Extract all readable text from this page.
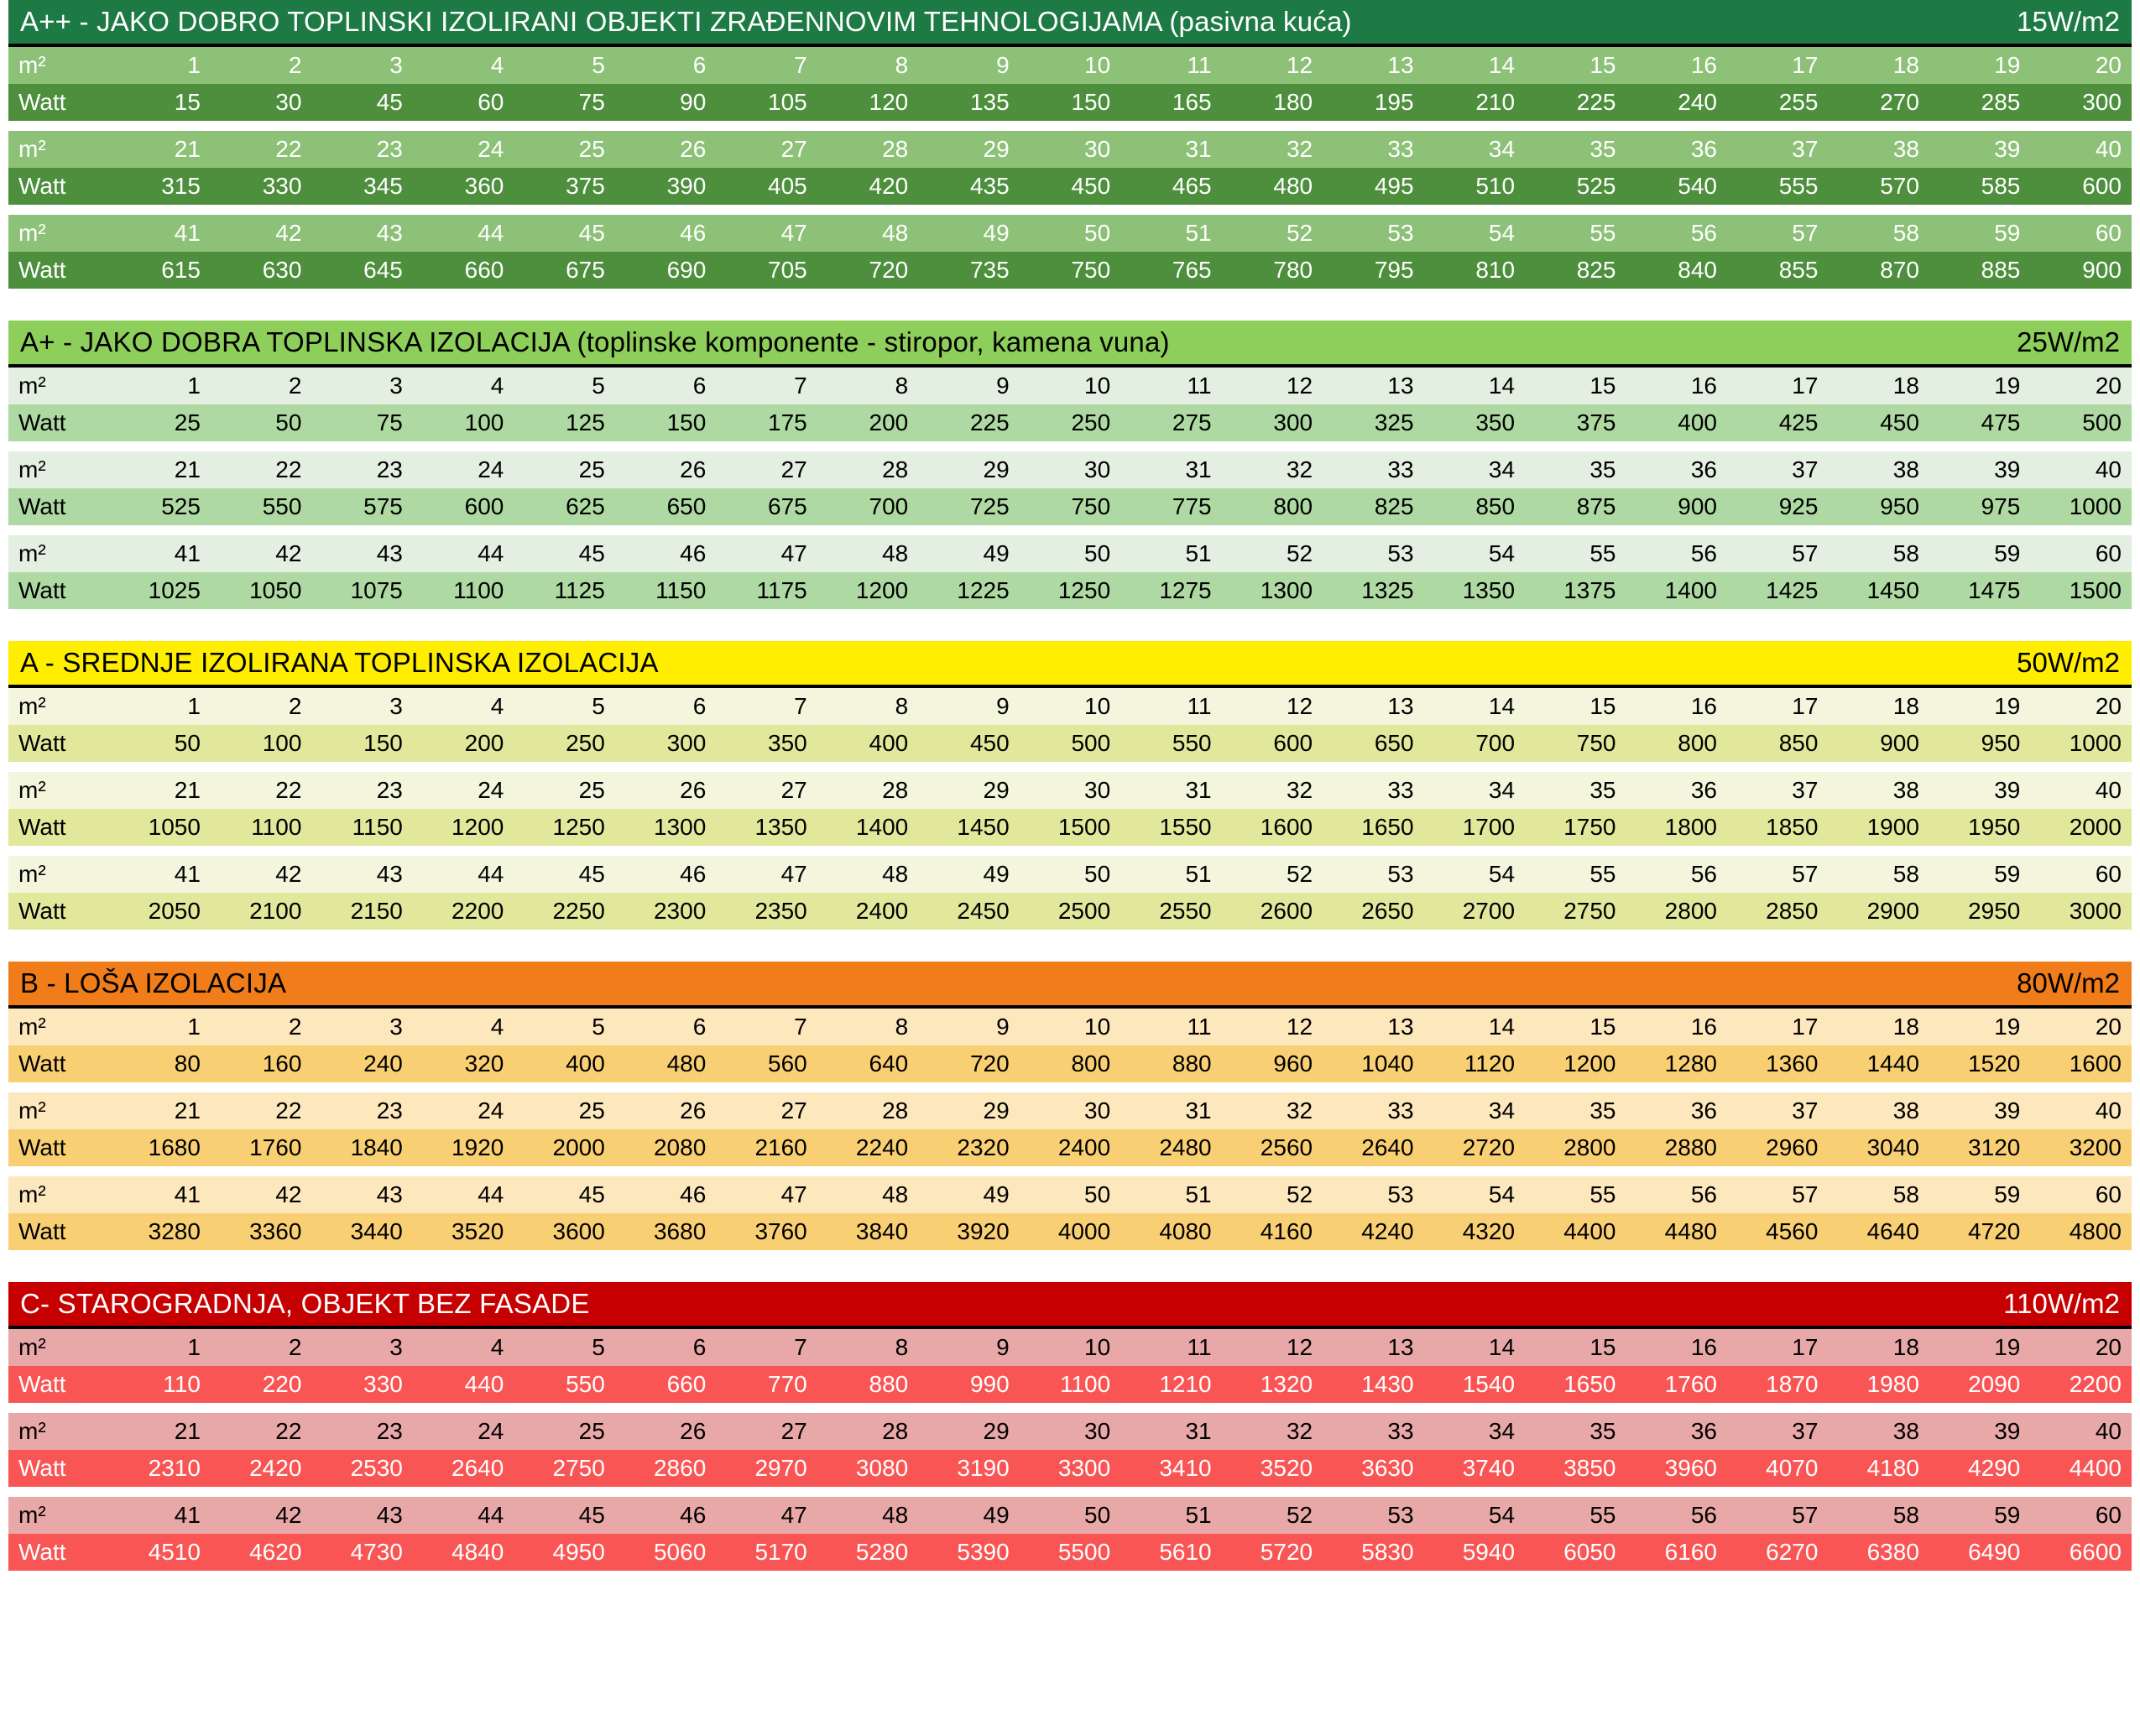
A++ - JAKO DOBRO TOPLINSKI IZOLIRANI OBJEKTI ZRAĐENNOVIM TEHNOLOGIJAMA (pasivna kuća)	15W/m2
m²	1	2	3	4	5	6	7	8	9	10	11	12	13	14	15	16	17	18	19	20
Watt	15	30	45	60	75	90	105	120	135	150	165	180	195	210	225	240	255	270	285	300

m²	21	22	23	24	25	26	27	28	29	30	31	32	33	34	35	36	37	38	39	40
Watt	315	330	345	360	375	390	405	420	435	450	465	480	495	510	525	540	555	570	585	600

m²	41	42	43	44	45	46	47	48	49	50	51	52	53	54	55	56	57	58	59	60
Watt	615	630	645	660	675	690	705	720	735	750	765	780	795	810	825	840	855	870	885	900
A+ - JAKO DOBRA TOPLINSKA IZOLACIJA (toplinske komponente - stiropor, kamena vuna)	25W/m2
m²	1	2	3	4	5	6	7	8	9	10	11	12	13	14	15	16	17	18	19	20
Watt	25	50	75	100	125	150	175	200	225	250	275	300	325	350	375	400	425	450	475	500

m²	21	22	23	24	25	26	27	28	29	30	31	32	33	34	35	36	37	38	39	40
Watt	525	550	575	600	625	650	675	700	725	750	775	800	825	850	875	900	925	950	975	1000

m²	41	42	43	44	45	46	47	48	49	50	51	52	53	54	55	56	57	58	59	60
Watt	1025	1050	1075	1100	1125	1150	1175	1200	1225	1250	1275	1300	1325	1350	1375	1400	1425	1450	1475	1500
A - SREDNJE IZOLIRANA TOPLINSKA IZOLACIJA	50W/m2
m²	1	2	3	4	5	6	7	8	9	10	11	12	13	14	15	16	17	18	19	20
Watt	50	100	150	200	250	300	350	400	450	500	550	600	650	700	750	800	850	900	950	1000

m²	21	22	23	24	25	26	27	28	29	30	31	32	33	34	35	36	37	38	39	40
Watt	1050	1100	1150	1200	1250	1300	1350	1400	1450	1500	1550	1600	1650	1700	1750	1800	1850	1900	1950	2000

m²	41	42	43	44	45	46	47	48	49	50	51	52	53	54	55	56	57	58	59	60
Watt	2050	2100	2150	2200	2250	2300	2350	2400	2450	2500	2550	2600	2650	2700	2750	2800	2850	2900	2950	3000
B - LOŠA IZOLACIJA	80W/m2
m²	1	2	3	4	5	6	7	8	9	10	11	12	13	14	15	16	17	18	19	20
Watt	80	160	240	320	400	480	560	640	720	800	880	960	1040	1120	1200	1280	1360	1440	1520	1600

m²	21	22	23	24	25	26	27	28	29	30	31	32	33	34	35	36	37	38	39	40
Watt	1680	1760	1840	1920	2000	2080	2160	2240	2320	2400	2480	2560	2640	2720	2800	2880	2960	3040	3120	3200

m²	41	42	43	44	45	46	47	48	49	50	51	52	53	54	55	56	57	58	59	60
Watt	3280	3360	3440	3520	3600	3680	3760	3840	3920	4000	4080	4160	4240	4320	4400	4480	4560	4640	4720	4800
C- STAROGRADNJA, OBJEKT BEZ FASADE	110W/m2
m²	1	2	3	4	5	6	7	8	9	10	11	12	13	14	15	16	17	18	19	20
Watt	110	220	330	440	550	660	770	880	990	1100	1210	1320	1430	1540	1650	1760	1870	1980	2090	2200

m²	21	22	23	24	25	26	27	28	29	30	31	32	33	34	35	36	37	38	39	40
Watt	2310	2420	2530	2640	2750	2860	2970	3080	3190	3300	3410	3520	3630	3740	3850	3960	4070	4180	4290	4400

m²	41	42	43	44	45	46	47	48	49	50	51	52	53	54	55	56	57	58	59	60
Watt	4510	4620	4730	4840	4950	5060	5170	5280	5390	5500	5610	5720	5830	5940	6050	6160	6270	6380	6490	6600
